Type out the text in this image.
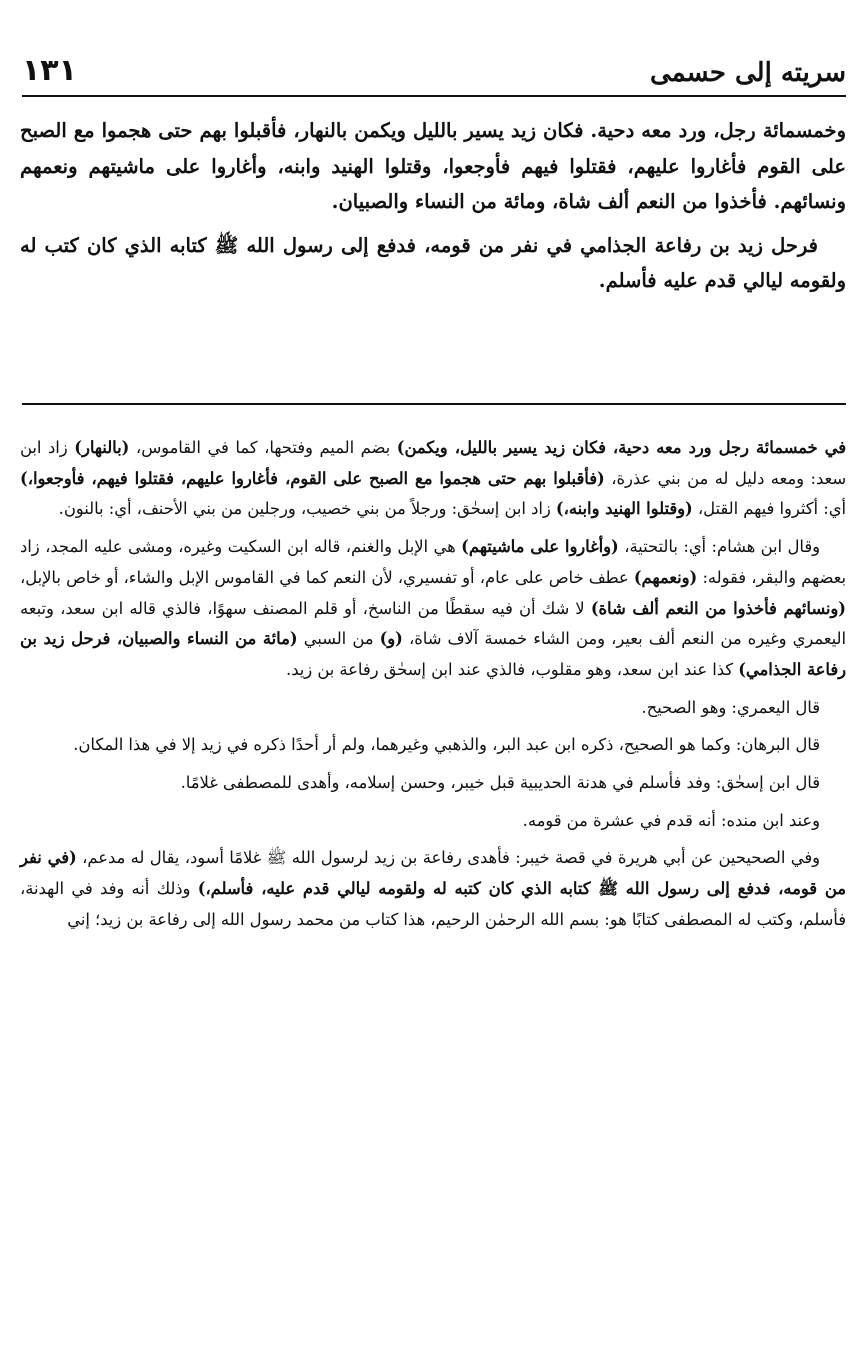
سريته إلى حسمى
١٣١

وخمسمائة رجل، ورد معه دحية. فكان زيد يسير بالليل ويكمن بالنهار، فأقبلوا بهم حتى هجموا مع الصبح على القوم فأغاروا عليهم، فقتلوا فيهم فأوجعوا، وقتلوا الهنيد وابنه، وأغاروا على ماشيتهم ونعمهم ونسائهم. فأخذوا من النعم ألف شاة، ومائة من النساء والصبيان.

فرحل زيد بن رفاعة الجذامي في نفر من قومه، فدفع إلى رسول الله ﷺ كتابه الذي كان كتب له ولقومه ليالي قدم عليه فأسلم.

في خمسمائة رجل ورد معه دحية، فكان زيد يسير بالليل، ويكمن) بضم الميم وفتحها، كما في القاموس، (بالنهار) زاد ابن سعد: ومعه دليل له من بني عذرة، (فأقبلوا بهم حتى هجموا مع الصبح على القوم، فأغاروا عليهم، فقتلوا فيهم، فأوجعوا،) أي: أكثروا فيهم القتل، (وقتلوا الهنيد وابنه،) زاد ابن إسحٰق: ورجلاً من بني خصيب، ورجلين من بني الأحنف، أي: بالنون.

وقال ابن هشام: أي: بالتحتية، (وأغاروا على ماشيتهم) هي الإبل والغنم، قاله ابن السكيت وغيره، ومشى عليه المجد، زاد بعضهم والبقر، فقوله: (ونعمهم) عطف خاص على عام، أو تفسيري، لأن النعم كما في القاموس الإبل والشاء، أو خاص بالإبل، (ونسائهم فأخذوا من النعم ألف شاة) لا شك أن فيه سقطًا من الناسخ، أو قلم المصنف سهوًا، فالذي قاله ابن سعد، وتبعه اليعمري وغيره من النعم ألف بعير، ومن الشاء خمسة آلاف شاة، (و) من السبي (مائة من النساء والصبيان، فرحل زيد بن رفاعة الجذامي) كذا عند ابن سعد، وهو مقلوب، فالذي عند ابن إسحٰق رفاعة بن زيد.

قال اليعمري: وهو الصحيح.

قال البرهان: وكما هو الصحيح، ذكره ابن عبد البر، والذهبي وغيرهما، ولم أر أحدًا ذكره في زيد إلا في هذا المكان.

قال ابن إسحٰق: وفد فأسلم في هدنة الحديبية قبل خيبر، وحسن إسلامه، وأهدى للمصطفى غلامًا.

وعند ابن منده: أنه قدم في عشرة من قومه.

وفي الصحيحين عن أبي هريرة في قصة خيبر: فأهدى رفاعة بن زيد لرسول الله ﷺ غلامًا أسود، يقال له مدعم، (في نفر من قومه، فدفع إلى رسول الله ﷺ كتابه الذي كان كتبه له ولقومه ليالي قدم عليه، فأسلم،) وذلك أنه وفد في الهدنة، فأسلم، وكتب له المصطفى كتابًا هو: بسم الله الرحمٰن الرحيم، هذا كتاب من محمد رسول الله إلى رفاعة بن زيد؛ إني
